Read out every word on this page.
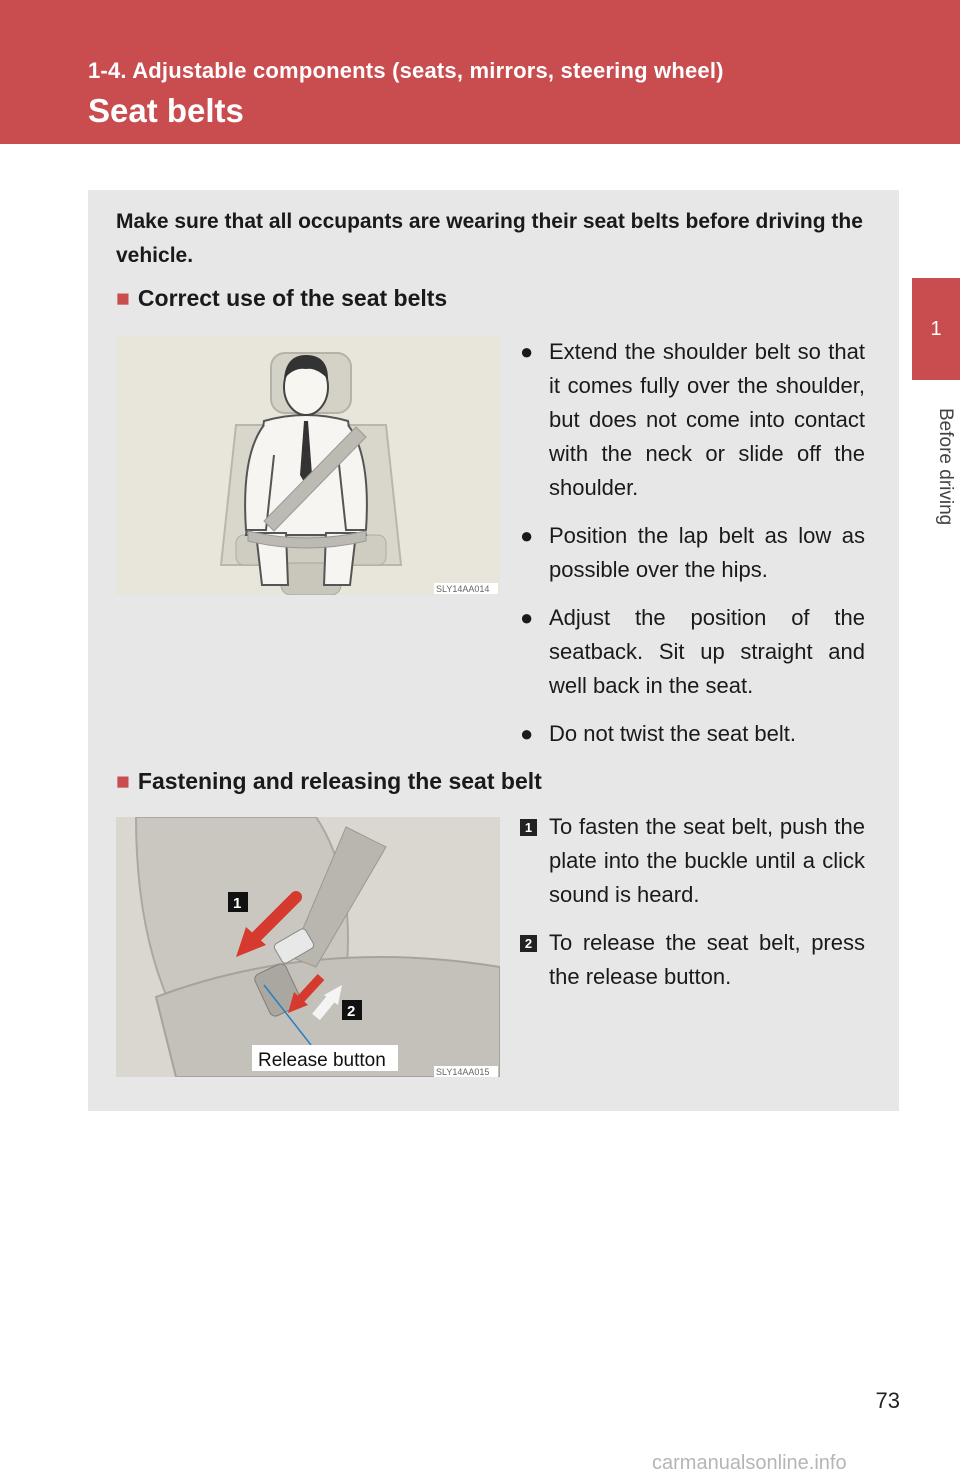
1-4. Adjustable components (seats, mirrors, steering wheel)
Seat belts
1
Before driving
Make sure that all occupants are wearing their seat belts before driving the vehicle.
■ Correct use of the seat belts
SLY14AA014
● Extend the shoulder belt so that it comes fully over the shoulder, but does not come into contact with the neck or slide off the shoulder.
● Position the lap belt as low as possible over the hips.
● Adjust the position of the seatback. Sit up straight and well back in the seat.
● Do not twist the seat belt.
■ Fastening and releasing the seat belt
1
2
Release button
SLY14AA015
1 To fasten the seat belt, push the plate into the buckle until a click sound is heard.
2 To release the seat belt, press the release button.
73
carmanualsonline.info
